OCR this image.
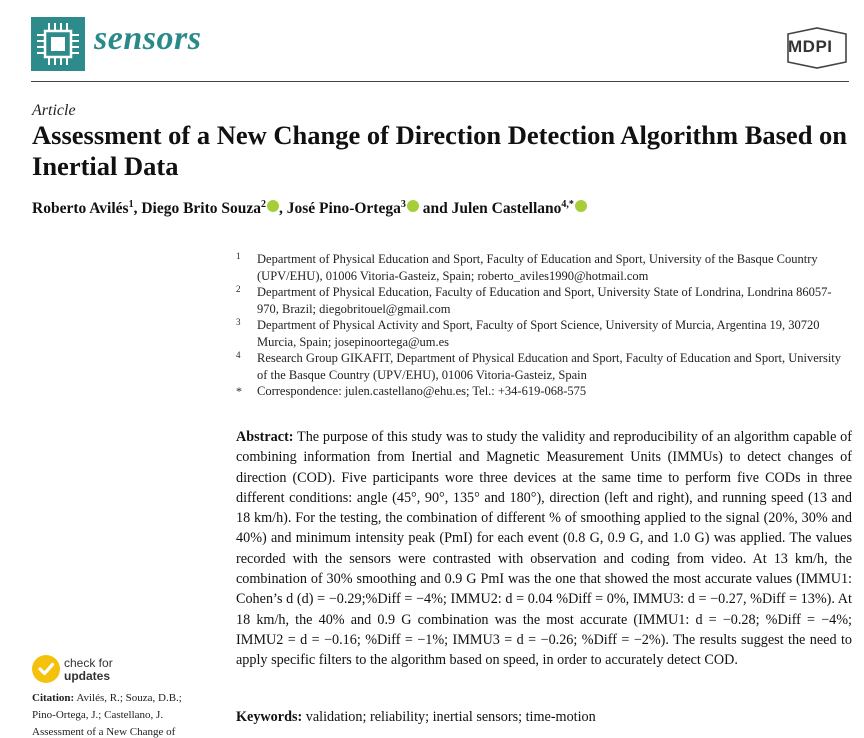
sensors	MDPI
Article
Assessment of a New Change of Direction Detection Algorithm Based on Inertial Data
Roberto Avilés$^1$, Diego Brito Souza$^2$ , José Pino-Ortega$^3$ and Julen Castellano$^{4,*}$
1 Department of Physical Education and Sport, Faculty of Education and Sport, University of the Basque Country (UPV/EHU), 01006 Vitoria-Gasteiz, Spain; roberto_aviles1990@hotmail.com
2 Department of Physical Education, Faculty of Education and Sport, University State of Londrina, Londrina 86057-970, Brazil; diegobritouel@gmail.com
3 Department of Physical Activity and Sport, Faculty of Sport Science, University of Murcia, Argentina 19, 30720 Murcia, Spain; josepinoortega@um.es
4 Research Group GIKAFIT, Department of Physical Education and Sport, Faculty of Education and Sport, University of the Basque Country (UPV/EHU), 01006 Vitoria-Gasteiz, Spain
* Correspondence: julen.castellano@ehu.es; Tel.: +34-619-068-575
Abstract: The purpose of this study was to study the validity and reproducibility of an algorithm capable of combining information from Inertial and Magnetic Measurement Units (IMMUs) to detect changes of direction (COD). Five participants wore three devices at the same time to perform five CODs in three different conditions: angle (45°, 90°, 135° and 180°), direction (left and right), and running speed (13 and 18 km/h). For the testing, the combination of different % of smoothing applied to the signal (20%, 30% and 40%) and minimum intensity peak (PmI) for each event (0.8 G, 0.9 G, and 1.0 G) was applied. The values recorded with the sensors were contrasted with observation and coding from video. At 13 km/h, the combination of 30% smoothing and 0.9 G PmI was the one that showed the most accurate values (IMMU1: Cohen’s d (d) = −0.29;%Diff = −4%; IMMU2: d = 0.04 %Diff = 0%, IMMU3: d = −0.27, %Diff = 13%). At 18 km/h, the 40% and 0.9 G combination was the most accurate (IMMU1: d = −0.28; %Diff = −4%; IMMU2 = d = −0.16; %Diff = −1%; IMMU3 = d = −0.26; %Diff = −2%). The results suggest the need to apply specific filters to the algorithm based on speed, in order to accurately detect COD.
Keywords: validation; reliability; inertial sensors; time-motion
check for
updates
Citation: Avilés, R.; Souza, D.B.; Pino-Ortega, J.; Castellano, J. Assessment of a New Change of
